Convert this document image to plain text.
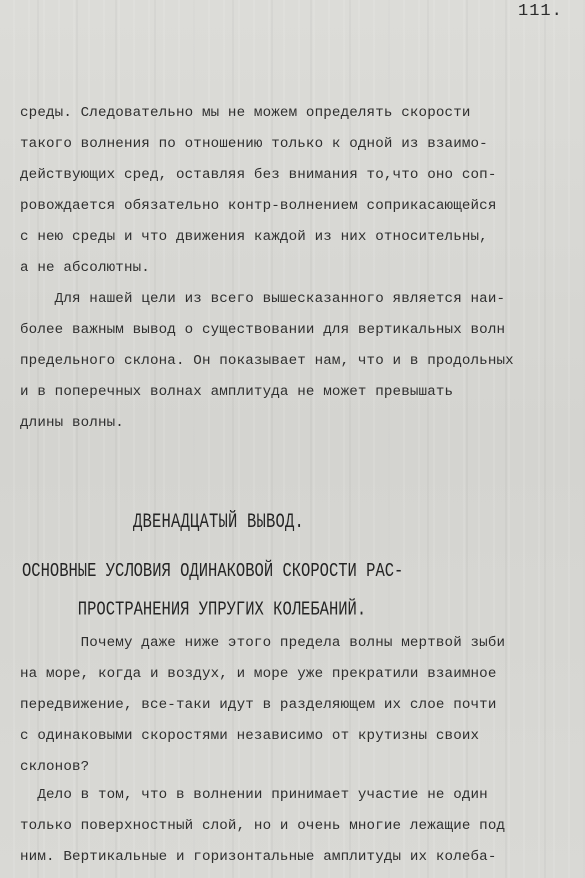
111.

среды. Следовательно мы не можем определять скорости
такого волнения по отношению только к одной из взаимо-
действующих сред, оставляя без внимания то,что оно соп-
ровождается обязательно контр-волнением соприкасающейся
с нею среды и что движения каждой из них относительны,
а не абсолютны.

Для нашей цели из всего вышесказанного является наи-
более важным вывод о существовании для вертикальных волн
предельного склона. Он показывает нам, что и в продольных
и в поперечных волнах амплитуда не может превышать
длины волны.

ДВЕНАДЦАТЫЙ ВЫВОД.
ОСНОВНЫЕ УСЛОВИЯ ОДИНАКОВОЙ СКОРОСТИ РАС-
ПРОСТРАНЕНИЯ УПРУГИХ КОЛЕБАНИЙ.

Почему даже ниже этого предела волны мертвой зыби
на море, когда и воздух, и море уже прекратили взаимное
передвижение, все-таки идут в разделяющем их слое почти
с одинаковыми скоростями независимо от крутизны своих
склонов?

Дело в том, что в волнении принимает участие не один
только поверхностный слой, но и очень многие лежащие под
ним. Вертикальные и горизонтальные амплитуды их колеба-
